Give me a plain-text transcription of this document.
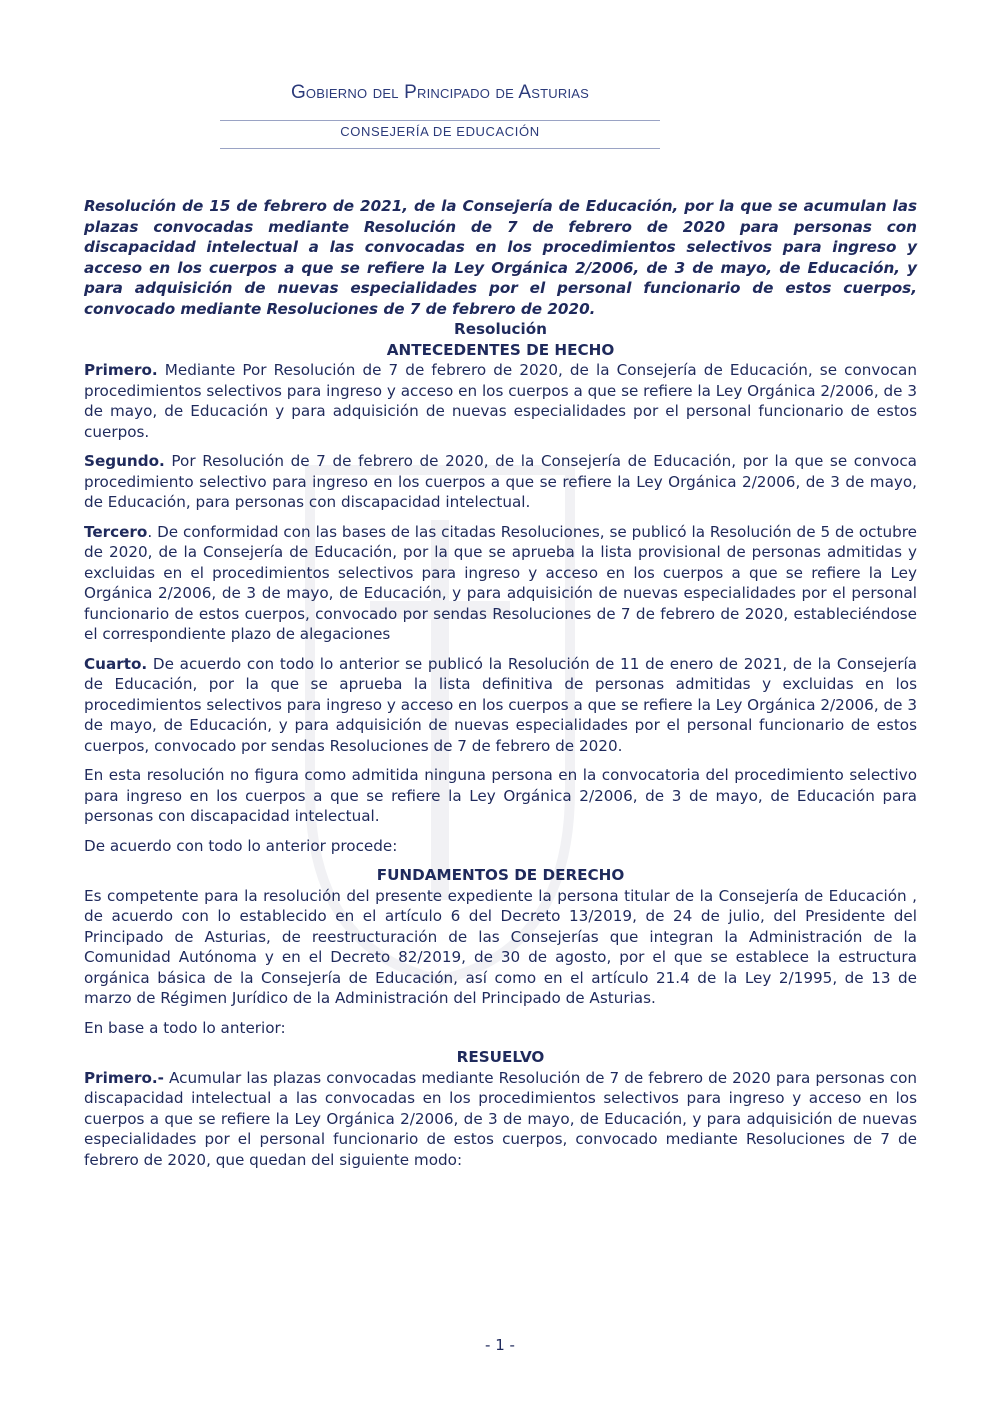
Gobierno del Principado de Asturias
CONSEJERÍA DE EDUCACIÓN

Resolución de 15 de febrero de 2021, de la Consejería de Educación, por la que se acumulan las plazas convocadas mediante Resolución de 7 de febrero de 2020 para personas con discapacidad intelectual a las convocadas en los procedimientos selectivos para ingreso y acceso en los cuerpos a que se refiere la Ley Orgánica 2/2006, de 3 de mayo, de Educación, y para adquisición de nuevas especialidades por el personal funcionario de estos cuerpos, convocado mediante Resoluciones de 7 de febrero de 2020.

Resolución

ANTECEDENTES DE HECHO

Primero. Mediante Por Resolución de 7 de febrero de 2020, de la Consejería de Educación, se convocan procedimientos selectivos para ingreso y acceso en los cuerpos a que se refiere la Ley Orgánica 2/2006, de 3 de mayo, de Educación y para adquisición de nuevas especialidades por el personal funcionario de estos cuerpos.

Segundo. Por Resolución de 7 de febrero de 2020, de la Consejería de Educación, por la que se convoca procedimiento selectivo para ingreso en los cuerpos a que se refiere la Ley Orgánica 2/2006, de 3 de mayo, de Educación, para personas con discapacidad intelectual.

Tercero. De conformidad con las bases de las citadas Resoluciones, se publicó la Resolución de 5 de octubre de 2020, de la Consejería de Educación, por la que se aprueba la lista provisional de personas admitidas y excluidas en el procedimientos selectivos para ingreso y acceso en los cuerpos a que se refiere la Ley Orgánica 2/2006, de 3 de mayo, de Educación, y para adquisición de nuevas especialidades por el personal funcionario de estos cuerpos, convocado por sendas Resoluciones de 7 de febrero de 2020, estableciéndose el correspondiente plazo de alegaciones

Cuarto. De acuerdo con todo lo anterior se publicó la Resolución de 11 de enero de 2021, de la Consejería de Educación, por la que se aprueba la lista definitiva de personas admitidas y excluidas en los procedimientos selectivos para ingreso y acceso en los cuerpos a que se refiere la Ley Orgánica 2/2006, de 3 de mayo, de Educación, y para adquisición de nuevas especialidades por el personal funcionario de estos cuerpos, convocado por sendas Resoluciones de 7 de febrero de 2020.

En esta resolución no figura como admitida ninguna persona en la convocatoria del procedimiento selectivo para ingreso en los cuerpos a que se refiere la Ley Orgánica 2/2006, de 3 de mayo, de Educación para personas con discapacidad intelectual.

De acuerdo con todo lo anterior procede:

FUNDAMENTOS DE DERECHO

Es competente para la resolución del presente expediente la persona titular de la Consejería de Educación , de acuerdo con lo establecido en el artículo 6 del Decreto 13/2019, de 24 de julio, del Presidente del Principado de Asturias, de reestructuración de las Consejerías que integran la Administración de la Comunidad Autónoma y en el Decreto 82/2019, de 30 de agosto, por el que se establece la estructura orgánica básica de la Consejería de Educación, así como en el artículo 21.4 de la Ley 2/1995, de 13 de marzo de Régimen Jurídico de la Administración del Principado de Asturias.

En base a todo lo anterior:

RESUELVO

Primero.- Acumular las plazas convocadas mediante Resolución de 7 de febrero de 2020 para personas con discapacidad intelectual a las convocadas en los procedimientos selectivos para ingreso y acceso en los cuerpos a que se refiere la Ley Orgánica 2/2006, de 3 de mayo, de Educación, y para adquisición de nuevas especialidades por el personal funcionario de estos cuerpos, convocado mediante Resoluciones de 7 de febrero de 2020, que quedan del siguiente modo:

- 1 -
